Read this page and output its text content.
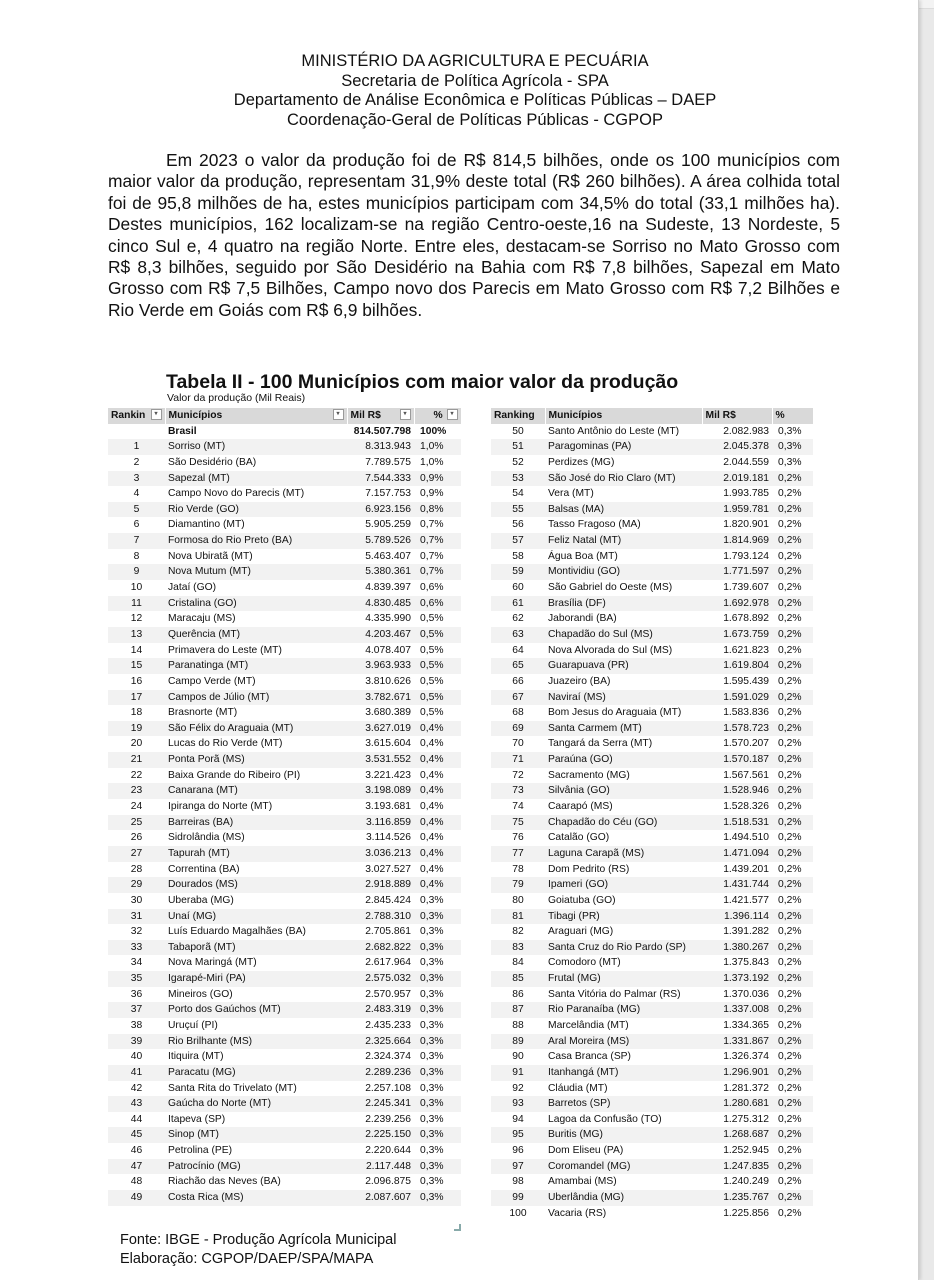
MINISTÉRIO DA AGRICULTURA E PECUÁRIA
Secretaria de Política Agrícola - SPA
Departamento de Análise Econômica e Políticas Públicas – DAEP
Coordenação-Geral de Políticas Públicas - CGPOP
Em 2023 o valor da produção foi de R$ 814,5 bilhões, onde os 100 municípios com maior valor da produção, representam 31,9% deste total (R$ 260 bilhões). A área colhida total foi de 95,8 milhões de ha, estes municípios participam com 34,5% do total (33,1 milhões ha). Destes municípios, 162 localizam-se na região Centro-oeste,16 na Sudeste, 13 Nordeste, 5 cinco Sul e, 4 quatro na região Norte. Entre eles, destacam-se Sorriso no Mato Grosso com R$ 8,3 bilhões, seguido por São Desidério na Bahia com R$ 7,8 bilhões, Sapezal em Mato Grosso com R$ 7,5 Bilhões, Campo novo dos Parecis em Mato Grosso com R$ 7,2 Bilhões e Rio Verde em Goiás com R$ 6,9 bilhões.
Tabela II - 100 Municípios com maior valor da produção
Valor da produção (Mil Reais)
Rankin ▾	Municípios ▾	Mil R$ ▾	% ▾

	Brasil	814.507.798	100%
1	Sorriso (MT)	8.313.943	1,0%
2	São Desidério (BA)	7.789.575	1,0%
3	Sapezal (MT)	7.544.333	0,9%
4	Campo Novo do Parecis (MT)	7.157.753	0,9%
5	Rio Verde (GO)	6.923.156	0,8%
6	Diamantino (MT)	5.905.259	0,7%
7	Formosa do Rio Preto (BA)	5.789.526	0,7%
8	Nova Ubiratã (MT)	5.463.407	0,7%
9	Nova Mutum (MT)	5.380.361	0,7%
10	Jataí (GO)	4.839.397	0,6%
11	Cristalina (GO)	4.830.485	0,6%
12	Maracaju (MS)	4.335.990	0,5%
13	Querência (MT)	4.203.467	0,5%
14	Primavera do Leste (MT)	4.078.407	0,5%
15	Paranatinga (MT)	3.963.933	0,5%
16	Campo Verde (MT)	3.810.626	0,5%
17	Campos de Júlio (MT)	3.782.671	0,5%
18	Brasnorte (MT)	3.680.389	0,5%
19	São Félix do Araguaia (MT)	3.627.019	0,4%
20	Lucas do Rio Verde (MT)	3.615.604	0,4%
21	Ponta Porã (MS)	3.531.552	0,4%
22	Baixa Grande do Ribeiro (PI)	3.221.423	0,4%
23	Canarana (MT)	3.198.089	0,4%
24	Ipiranga do Norte (MT)	3.193.681	0,4%
25	Barreiras (BA)	3.116.859	0,4%
26	Sidrolândia (MS)	3.114.526	0,4%
27	Tapurah (MT)	3.036.213	0,4%
28	Correntina (BA)	3.027.527	0,4%
29	Dourados (MS)	2.918.889	0,4%
30	Uberaba (MG)	2.845.424	0,3%
31	Unaí (MG)	2.788.310	0,3%
32	Luís Eduardo Magalhães (BA)	2.705.861	0,3%
33	Tabaporã (MT)	2.682.822	0,3%
34	Nova Maringá (MT)	2.617.964	0,3%
35	Igarapé-Miri (PA)	2.575.032	0,3%
36	Mineiros (GO)	2.570.957	0,3%
37	Porto dos Gaúchos (MT)	2.483.319	0,3%
38	Uruçuí (PI)	2.435.233	0,3%
39	Rio Brilhante (MS)	2.325.664	0,3%
40	Itiquira (MT)	2.324.374	0,3%
41	Paracatu (MG)	2.289.236	0,3%
42	Santa Rita do Trivelato (MT)	2.257.108	0,3%
43	Gaúcha do Norte (MT)	2.245.341	0,3%
44	Itapeva (SP)	2.239.256	0,3%
45	Sinop (MT)	2.225.150	0,3%
46	Petrolina (PE)	2.220.644	0,3%
47	Patrocínio (MG)	2.117.448	0,3%
48	Riachão das Neves (BA)	2.096.875	0,3%
49	Costa Rica (MS)	2.087.607	0,3%
Ranking	Municípios	Mil R$	%
50	Santo Antônio do Leste (MT)	2.082.983	0,3%
51	Paragominas (PA)	2.045.378	0,3%
52	Perdizes (MG)	2.044.559	0,3%
53	São José do Rio Claro (MT)	2.019.181	0,2%
54	Vera (MT)	1.993.785	0,2%
55	Balsas (MA)	1.959.781	0,2%
56	Tasso Fragoso (MA)	1.820.901	0,2%
57	Feliz Natal (MT)	1.814.969	0,2%
58	Água Boa (MT)	1.793.124	0,2%
59	Montividiu (GO)	1.771.597	0,2%
60	São Gabriel do Oeste (MS)	1.739.607	0,2%
61	Brasília (DF)	1.692.978	0,2%
62	Jaborandi (BA)	1.678.892	0,2%
63	Chapadão do Sul (MS)	1.673.759	0,2%
64	Nova Alvorada do Sul (MS)	1.621.823	0,2%
65	Guarapuava (PR)	1.619.804	0,2%
66	Juazeiro (BA)	1.595.439	0,2%
67	Naviraí (MS)	1.591.029	0,2%
68	Bom Jesus do Araguaia (MT)	1.583.836	0,2%
69	Santa Carmem (MT)	1.578.723	0,2%
70	Tangará da Serra (MT)	1.570.207	0,2%
71	Paraúna (GO)	1.570.187	0,2%
72	Sacramento (MG)	1.567.561	0,2%
73	Silvânia (GO)	1.528.946	0,2%
74	Caarapó (MS)	1.528.326	0,2%
75	Chapadão do Céu (GO)	1.518.531	0,2%
76	Catalão (GO)	1.494.510	0,2%
77	Laguna Carapã (MS)	1.471.094	0,2%
78	Dom Pedrito (RS)	1.439.201	0,2%
79	Ipameri (GO)	1.431.744	0,2%
80	Goiatuba (GO)	1.421.577	0,2%
81	Tibagi (PR)	1.396.114	0,2%
82	Araguari (MG)	1.391.282	0,2%
83	Santa Cruz do Rio Pardo (SP)	1.380.267	0,2%
84	Comodoro (MT)	1.375.843	0,2%
85	Frutal (MG)	1.373.192	0,2%
86	Santa Vitória do Palmar (RS)	1.370.036	0,2%
87	Rio Paranaíba (MG)	1.337.008	0,2%
88	Marcelândia (MT)	1.334.365	0,2%
89	Aral Moreira (MS)	1.331.867	0,2%
90	Casa Branca (SP)	1.326.374	0,2%
91	Itanhangá (MT)	1.296.901	0,2%
92	Cláudia (MT)	1.281.372	0,2%
93	Barretos (SP)	1.280.681	0,2%
94	Lagoa da Confusão (TO)	1.275.312	0,2%
95	Buritis (MG)	1.268.687	0,2%
96	Dom Eliseu (PA)	1.252.945	0,2%
97	Coromandel (MG)	1.247.835	0,2%
98	Amambai (MS)	1.240.249	0,2%
99	Uberlândia (MG)	1.235.767	0,2%
100	Vacaria (RS)	1.225.856	0,2%
Fonte: IBGE - Produção Agrícola Municipal
Elaboração: CGPOP/DAEP/SPA/MAPA
